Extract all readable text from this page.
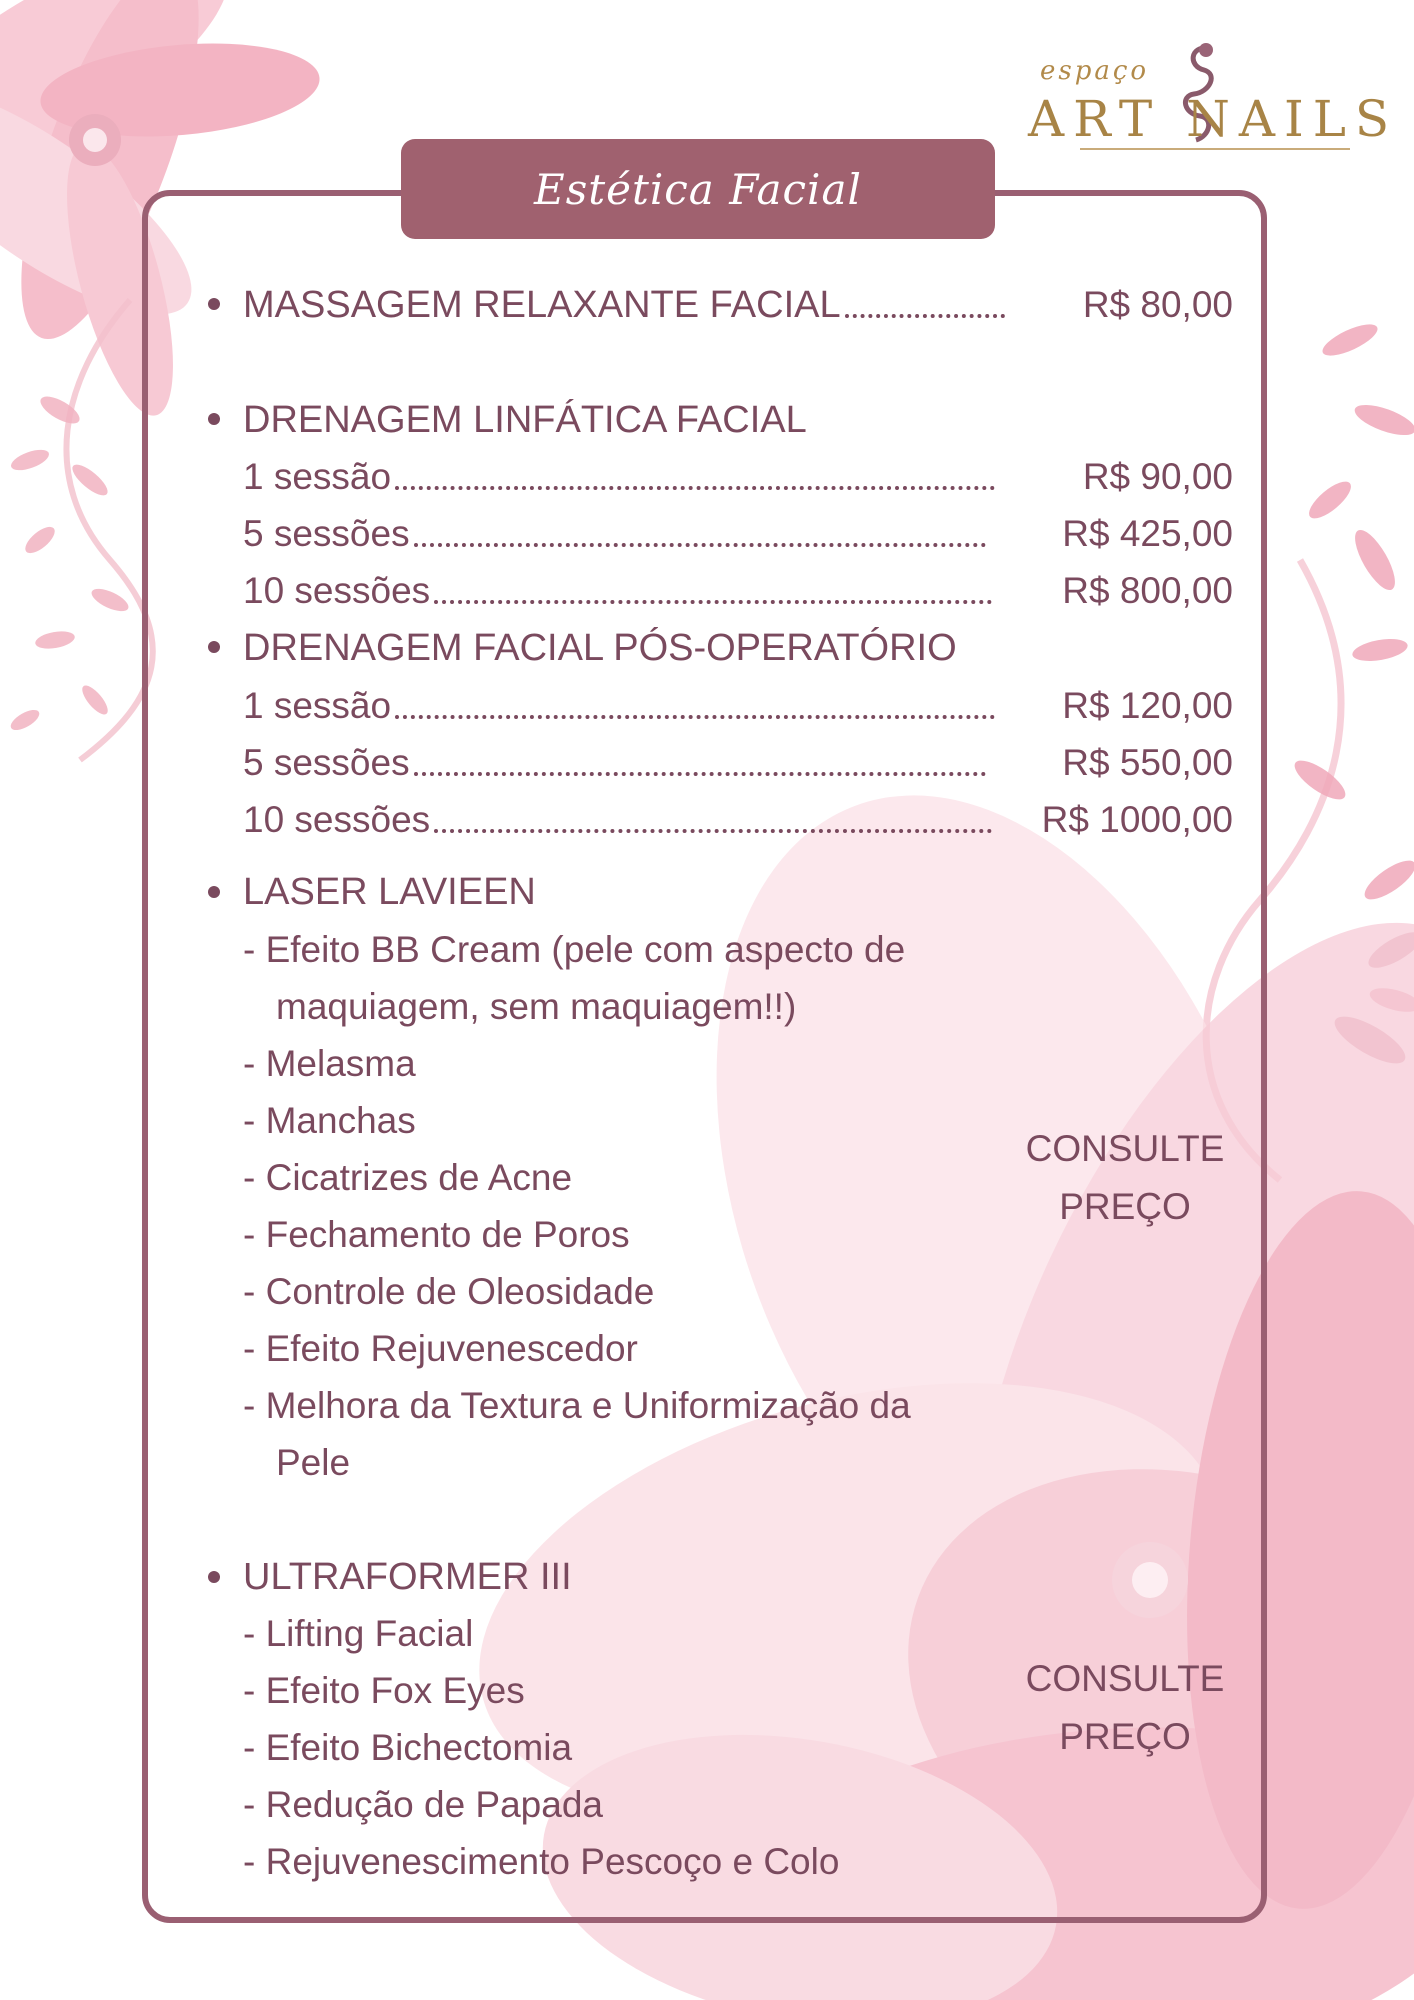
espaço
ART NAILS
Estética Facial
MASSAGEM RELAXANTE FACIAL	R$ 80,00
DRENAGEM LINFÁTICA FACIAL
1 sessão	R$ 90,00
5 sessões	R$ 425,00
10 sessões	R$ 800,00
DRENAGEM FACIAL PÓS-OPERATÓRIO
1 sessão	R$ 120,00
5 sessões	R$ 550,00
10 sessões	R$ 1000,00
LASER LAVIEEN
- Efeito BB Cream (pele com aspecto de
maquiagem, sem maquiagem!!)
- Melasma
- Manchas
- Cicatrizes de Acne
- Fechamento de Poros
- Controle de Oleosidade
- Efeito Rejuvenescedor
- Melhora da Textura e Uniformização da
Pele
CONSULTE
PREÇO
ULTRAFORMER III
- Lifting Facial
- Efeito Fox Eyes
- Efeito Bichectomia
- Redução de Papada
- Rejuvenescimento Pescoço e Colo
CONSULTE
PREÇO
